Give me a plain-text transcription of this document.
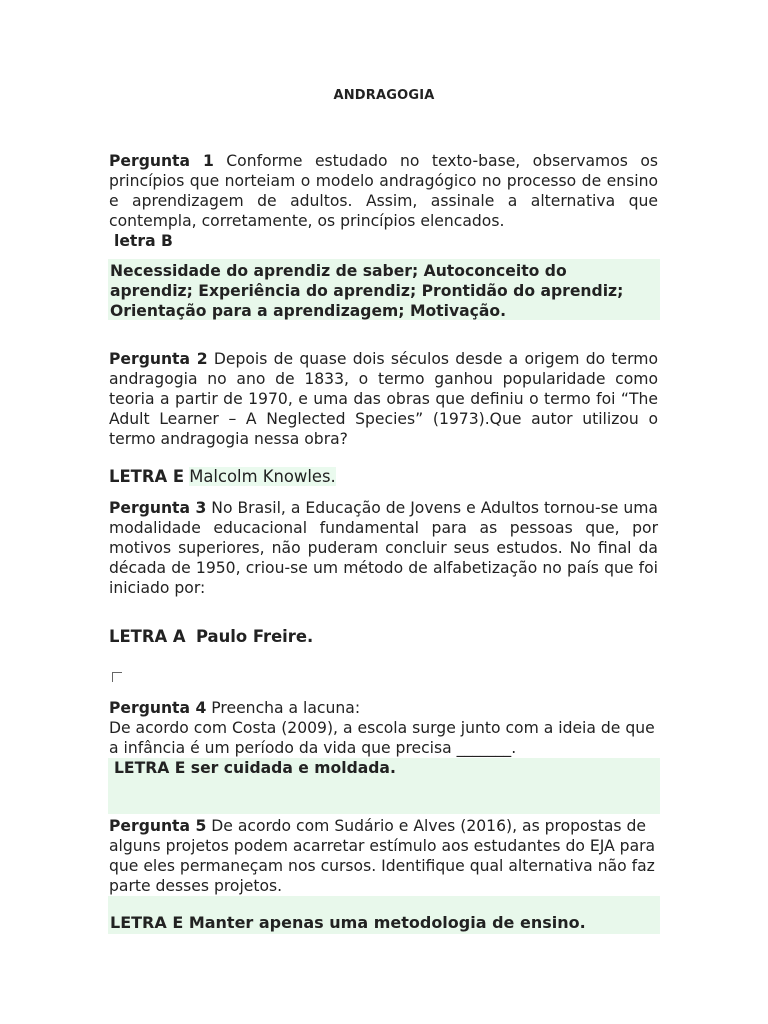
ANDRAGOGIA
Pergunta 1 Conforme estudado no texto-base, observamos os princípios que norteiam o modelo andragógico no processo de ensino e aprendizagem de adultos. Assim, assinale a alternativa que contempla, corretamente, os princípios elencados.
letra B
Necessidade do aprendiz de saber; Autoconceito do aprendiz; Experiência do aprendiz; Prontidão do aprendiz; Orientação para a aprendizagem; Motivação.
Pergunta 2 Depois de quase dois séculos desde a origem do termo andragogia no ano de 1833, o termo ganhou popularidade como teoria a partir de 1970, e uma das obras que definiu o termo foi “The Adult Learner – A Neglected Species” (1973).Que autor utilizou o termo andragogia nessa obra?
LETRA E Malcolm Knowles.
Pergunta 3 No Brasil, a Educação de Jovens e Adultos tornou-se uma modalidade educacional fundamental para as pessoas que, por motivos superiores, não puderam concluir seus estudos. No final da década de 1950, criou-se um método de alfabetização no país que foi iniciado por:
LETRA A Paulo Freire.
Pergunta 4 Preencha a lacuna:
De acordo com Costa (2009), a escola surge junto com a ideia de que a infância é um período da vida que precisa _______.
LETRA E ser cuidada e moldada.
Pergunta 5 De acordo com Sudário e Alves (2016), as propostas de alguns projetos podem acarretar estímulo aos estudantes do EJA para que eles permaneçam nos cursos. Identifique qual alternativa não faz parte desses projetos.
LETRA E Manter apenas uma metodologia de ensino.
